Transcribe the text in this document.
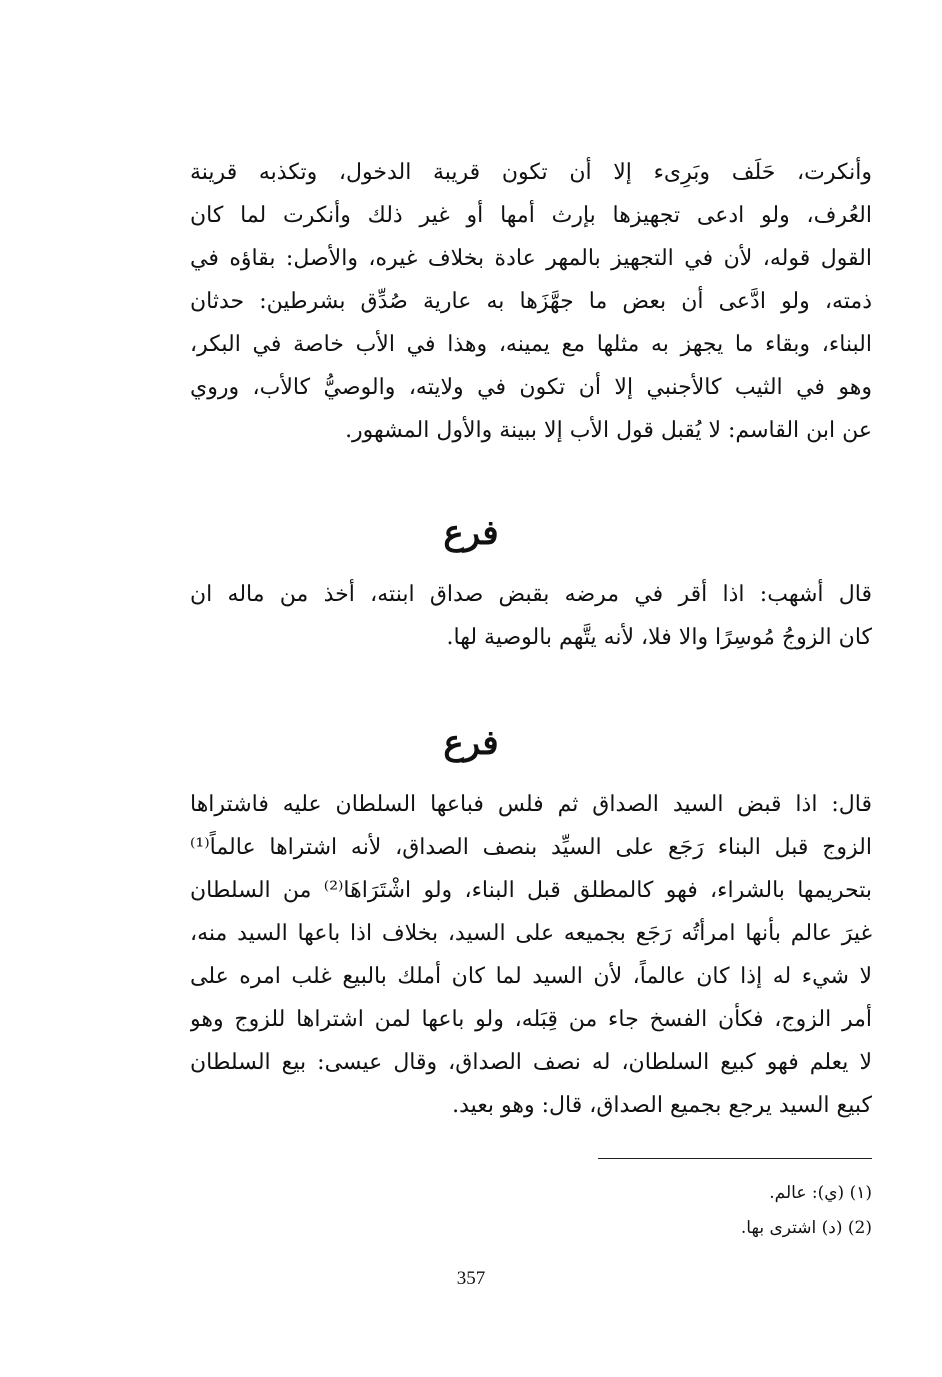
وأنكرت، حَلَف وبَرِىء إلا أن تكون قريبة الدخول، وتكذبه قرينة
العُرف، ولو ادعى تجهيزها بإرث أمها أو غير ذلك وأنكرت لما كان
القول قوله، لأن في التجهيز بالمهر عادة بخلاف غيره، والأصل: بقاؤه في
ذمته، ولو ادَّعى أن بعض ما جهَّزَها به عارية صُدِّق بشرطين: حدثان
البناء، وبقاء ما يجهز به مثلها مع يمينه، وهذا في الأب خاصة في البكر،
وهو في الثيب كالأجنبي إلا أن تكون في ولايته، والوصيُّ كالأب، وروي
عن ابن القاسم: لا يُقبل قول الأب إلا ببينة والأول المشهور.
فرع
قال أشهب: اذا أقر في مرضه بقبض صداق ابنته، أخذ من ماله ان
كان الزوجُ مُوسِرًا والا فلا، لأنه يتَّهم بالوصية لها.
فرع
قال: اذا قبض السيد الصداق ثم فلس فباعها السلطان عليه فاشتراها
الزوج قبل البناء رَجَع على السيِّد بنصف الصداق، لأنه اشتراها عالماً⁽¹⁾
بتحريمها بالشراء، فهو كالمطلق قبل البناء، ولو اشْتَرَاهَا⁽²⁾ من السلطان
غيرَ عالم بأنها امرأتُه رَجَع بجميعه على السيد، بخلاف اذا باعها السيد منه،
لا شيء له إذا كان عالماً، لأن السيد لما كان أملك بالبيع غلب امره على
أمر الزوج، فكأن الفسخ جاء من قِبَله، ولو باعها لمن اشتراها للزوج وهو
لا يعلم فهو كبيع السلطان، له نصف الصداق، وقال عيسى: بيع السلطان
كبيع السيد يرجع بجميع الصداق، قال: وهو بعيد.
(١) (ي): عالم.
(2) (د) اشترى بها.
357
